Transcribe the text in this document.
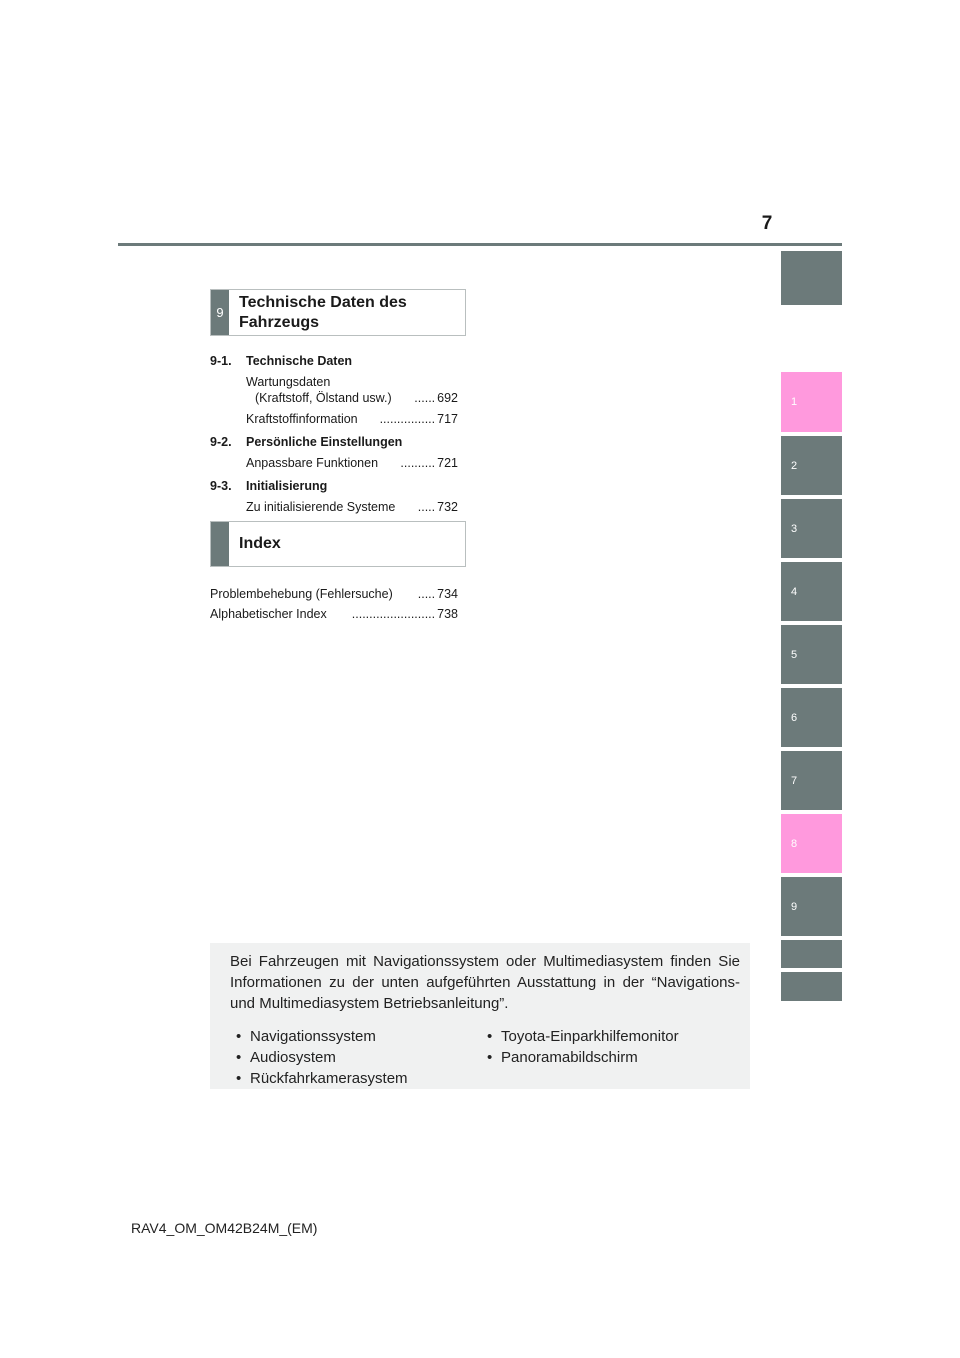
7
9
Technische Daten des
Fahrzeugs
9-1.	Technische Daten
Wartungsdaten
(Kraftstoff, Ölstand usw.)	...... 692
Kraftstoffinformation	................ 717
9-2.	Persönliche Einstellungen
Anpassbare Funktionen	.......... 721
9-3.	Initialisierung
Zu initialisierende Systeme	..... 732
Index
Problembehebung (Fehlersuche)	..... 734
Alphabetischer Index	........................ 738
1
2
3
4
5
6
7
8
9

Bei Fahrzeugen mit Navigationssystem oder Multimediasystem finden Sie Informationen zu der unten aufgeführten Ausstattung in der “Navigations- und Multimediasystem Betriebsanleitung”.

• Navigationssystem
• Audiosystem
• Rückfahrkamerasystem
• Toyota-Einparkhilfemonitor
• Panoramabildschirm
RAV4_OM_OM42B24M_(EM)
